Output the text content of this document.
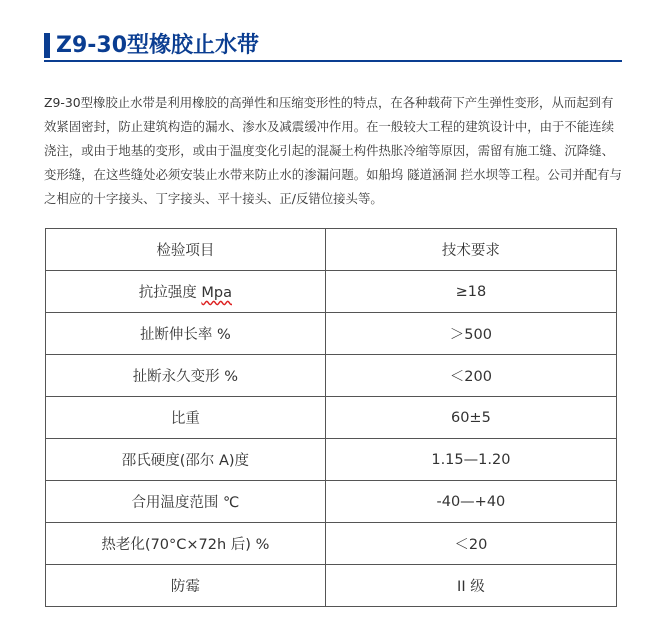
Z9-30型橡胶止水带

Z9-30型橡胶止水带是利用橡胶的高弹性和压缩变形性的特点，在各种载荷下产生弹性变形，从而起到有效紧固密封，防止建筑构造的漏水、渗水及减震缓冲作用。在一般较大工程的建筑设计中，由于不能连续浇注，或由于地基的变形，或由于温度变化引起的混凝土构件热胀冷缩等原因，需留有施工缝、沉降缝、变形缝，在这些缝处必须安装止水带来防止水的渗漏问题。如船坞 隧道涵洞 拦水坝等工程。公司并配有与之相应的十字接头、丁字接头、平十接头、正/反错位接头等。

检验项目	技术要求
抗拉强度 Mpa	≥18
扯断伸长率 %	＞500
扯断永久变形 %	＜200
比重	60±5
邵氏硬度(邵尔 A)度	1.15—1.20
合用温度范围 ℃	-40—+40
热老化(70°C×72h 后) %	＜20
防霉	II 级
